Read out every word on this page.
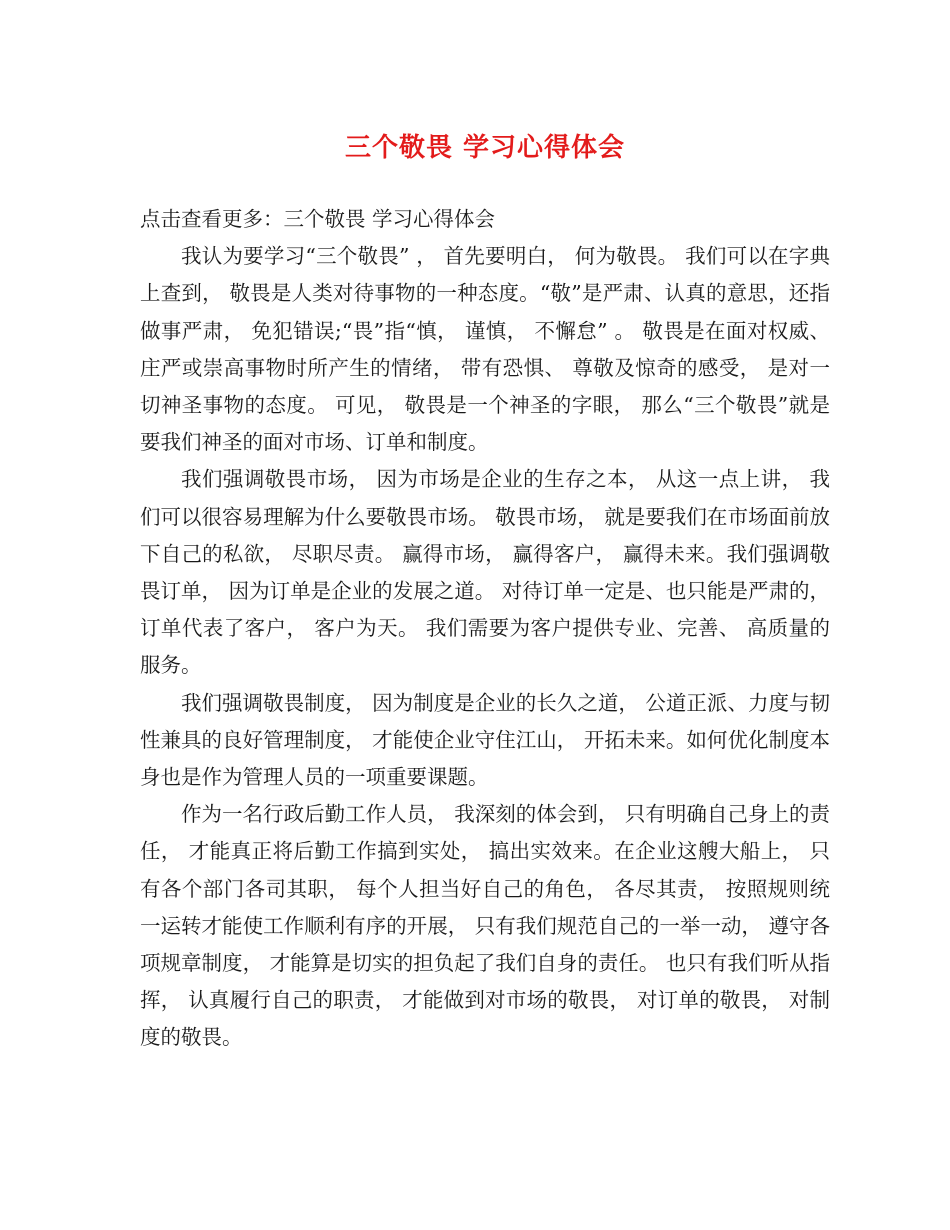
三个敬畏 学习心得体会

点击查看更多：三个敬畏 学习心得体会

我认为要学习“三个敬畏” ， 首先要明白， 何为敬畏。 我们可以在字典上查到， 敬畏是人类对待事物的一种态度。“敬”是严肃、认真的意思，还指做事严肃， 免犯错误;“畏”指“慎， 谨慎， 不懈怠” 。 敬畏是在面对权威、庄严或崇高事物时所产生的情绪， 带有恐惧、 尊敬及惊奇的感受， 是对一切神圣事物的态度。 可见， 敬畏是一个神圣的字眼， 那么“三个敬畏”就是要我们神圣的面对市场、订单和制度。

我们强调敬畏市场， 因为市场是企业的生存之本， 从这一点上讲， 我们可以很容易理解为什么要敬畏市场。 敬畏市场， 就是要我们在市场面前放下自己的私欲， 尽职尽责。 赢得市场， 赢得客户， 赢得未来。我们强调敬畏订单， 因为订单是企业的发展之道。 对待订单一定是、也只能是严肃的， 订单代表了客户， 客户为天。 我们需要为客户提供专业、完善、 高质量的服务。

我们强调敬畏制度， 因为制度是企业的长久之道， 公道正派、力度与韧性兼具的良好管理制度， 才能使企业守住江山， 开拓未来。如何优化制度本身也是作为管理人员的一项重要课题。

作为一名行政后勤工作人员， 我深刻的体会到， 只有明确自己身上的责任， 才能真正将后勤工作搞到实处， 搞出实效来。在企业这艘大船上， 只有各个部门各司其职， 每个人担当好自己的角色， 各尽其责， 按照规则统一运转才能使工作顺利有序的开展， 只有我们规范自己的一举一动， 遵守各项规章制度， 才能算是切实的担负起了我们自身的责任。 也只有我们听从指挥， 认真履行自己的职责， 才能做到对市场的敬畏， 对订单的敬畏， 对制度的敬畏。
